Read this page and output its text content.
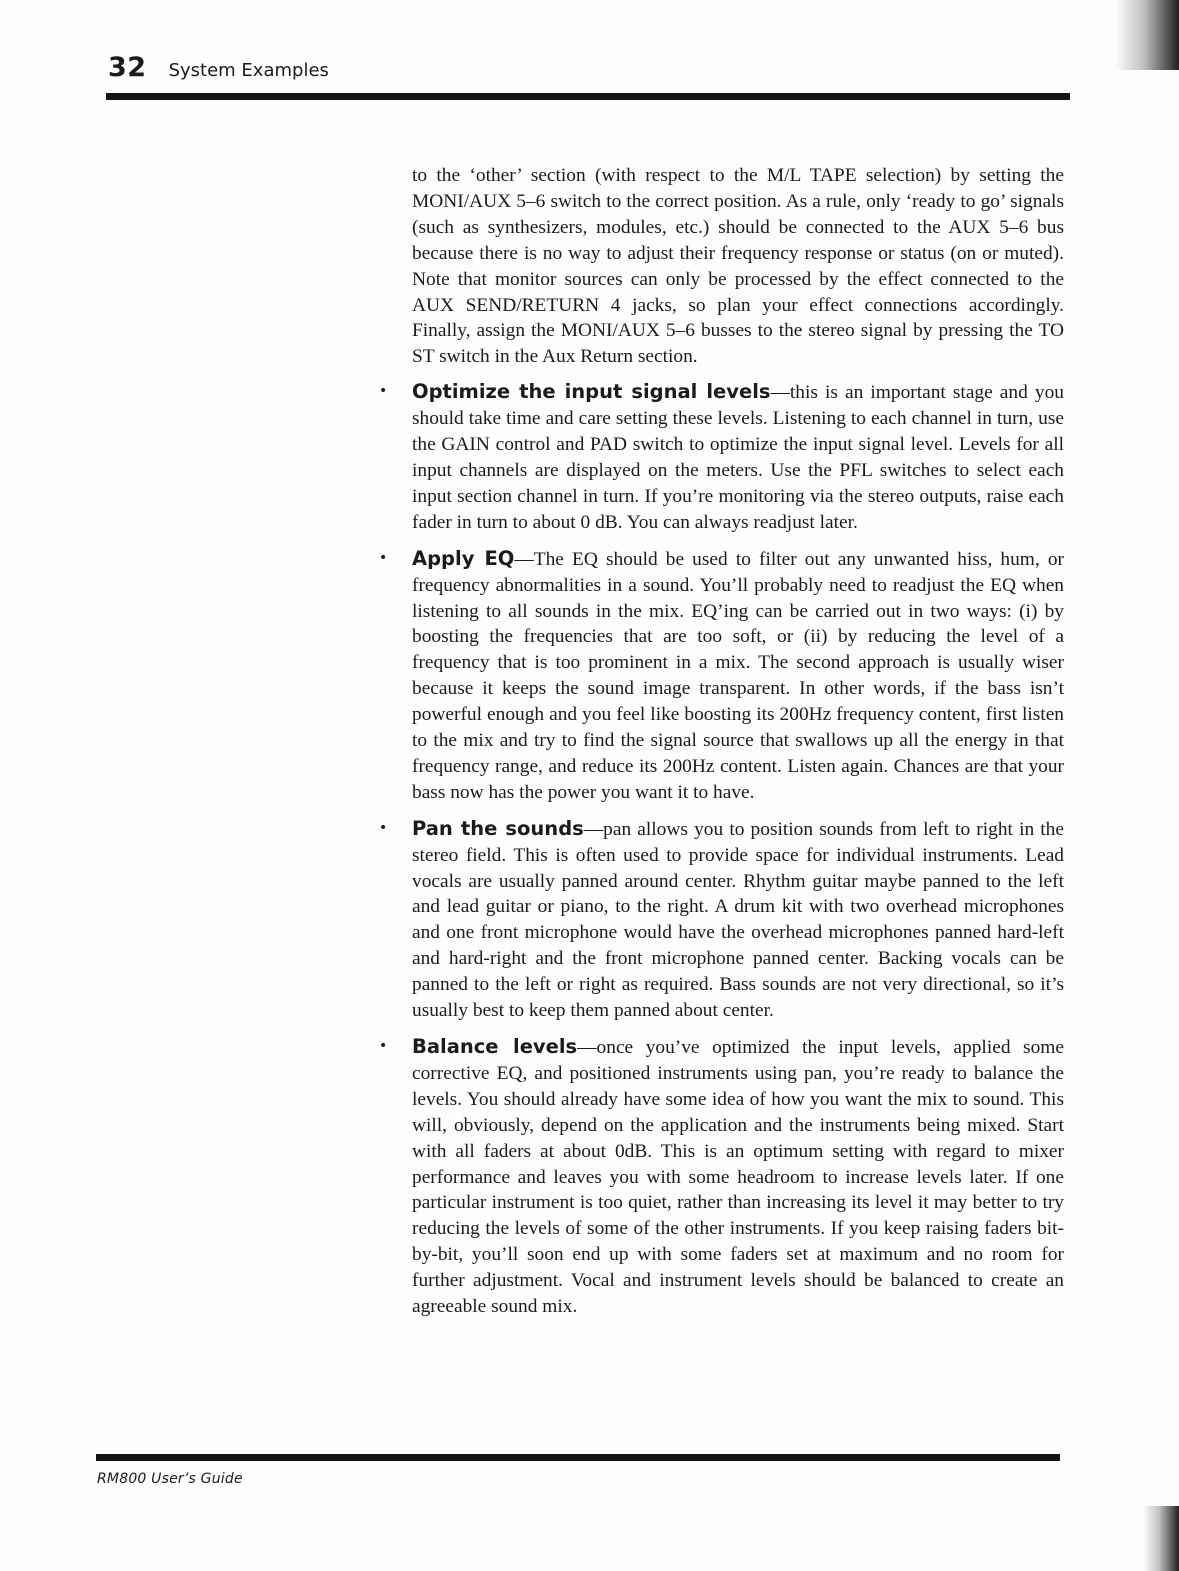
32 System Examples

to the ‘other’ section (with respect to the M/L TAPE selection) by setting the MONI/AUX 5–6 switch to the correct position. As a rule, only ‘ready to go’ signals (such as synthesizers, modules, etc.) should be connected to the AUX 5–6 bus because there is no way to adjust their frequency response or status (on or muted). Note that monitor sources can only be processed by the effect connected to the AUX SEND/RETURN 4 jacks, so plan your effect connections accordingly. Finally, assign the MONI/AUX 5–6 busses to the stereo signal by pressing the TO ST switch in the Aux Return section.

• Optimize the input signal levels—this is an important stage and you should take time and care setting these levels. Listening to each channel in turn, use the GAIN control and PAD switch to optimize the input signal level. Levels for all input channels are displayed on the meters. Use the PFL switches to select each input section channel in turn. If you’re monitoring via the stereo outputs, raise each fader in turn to about 0 dB. You can always readjust later.

• Apply EQ—The EQ should be used to filter out any unwanted hiss, hum, or frequency abnormalities in a sound. You’ll probably need to readjust the EQ when listening to all sounds in the mix. EQ’ing can be carried out in two ways: (i) by boosting the frequencies that are too soft, or (ii) by reducing the level of a frequency that is too prominent in a mix. The second approach is usually wiser because it keeps the sound image transparent. In other words, if the bass isn’t powerful enough and you feel like boosting its 200Hz frequency content, first listen to the mix and try to find the signal source that swallows up all the energy in that frequency range, and reduce its 200Hz content. Listen again. Chances are that your bass now has the power you want it to have.

• Pan the sounds—pan allows you to position sounds from left to right in the stereo field. This is often used to provide space for individual instruments. Lead vocals are usually panned around center. Rhythm guitar maybe panned to the left and lead guitar or piano, to the right. A drum kit with two overhead microphones and one front microphone would have the overhead microphones panned hard-left and hard-right and the front microphone panned center. Backing vocals can be panned to the left or right as required. Bass sounds are not very directional, so it’s usually best to keep them panned about center.

• Balance levels—once you’ve optimized the input levels, applied some corrective EQ, and positioned instruments using pan, you’re ready to balance the levels. You should already have some idea of how you want the mix to sound. This will, obviously, depend on the application and the instruments being mixed. Start with all faders at about 0dB. This is an optimum setting with regard to mixer performance and leaves you with some headroom to increase levels later. If one particular instrument is too quiet, rather than increasing its level it may better to try reducing the levels of some of the other instruments. If you keep raising faders bit-by-bit, you’ll soon end up with some faders set at maximum and no room for further adjustment. Vocal and instrument levels should be balanced to create an agreeable sound mix.

RM800 User’s Guide
